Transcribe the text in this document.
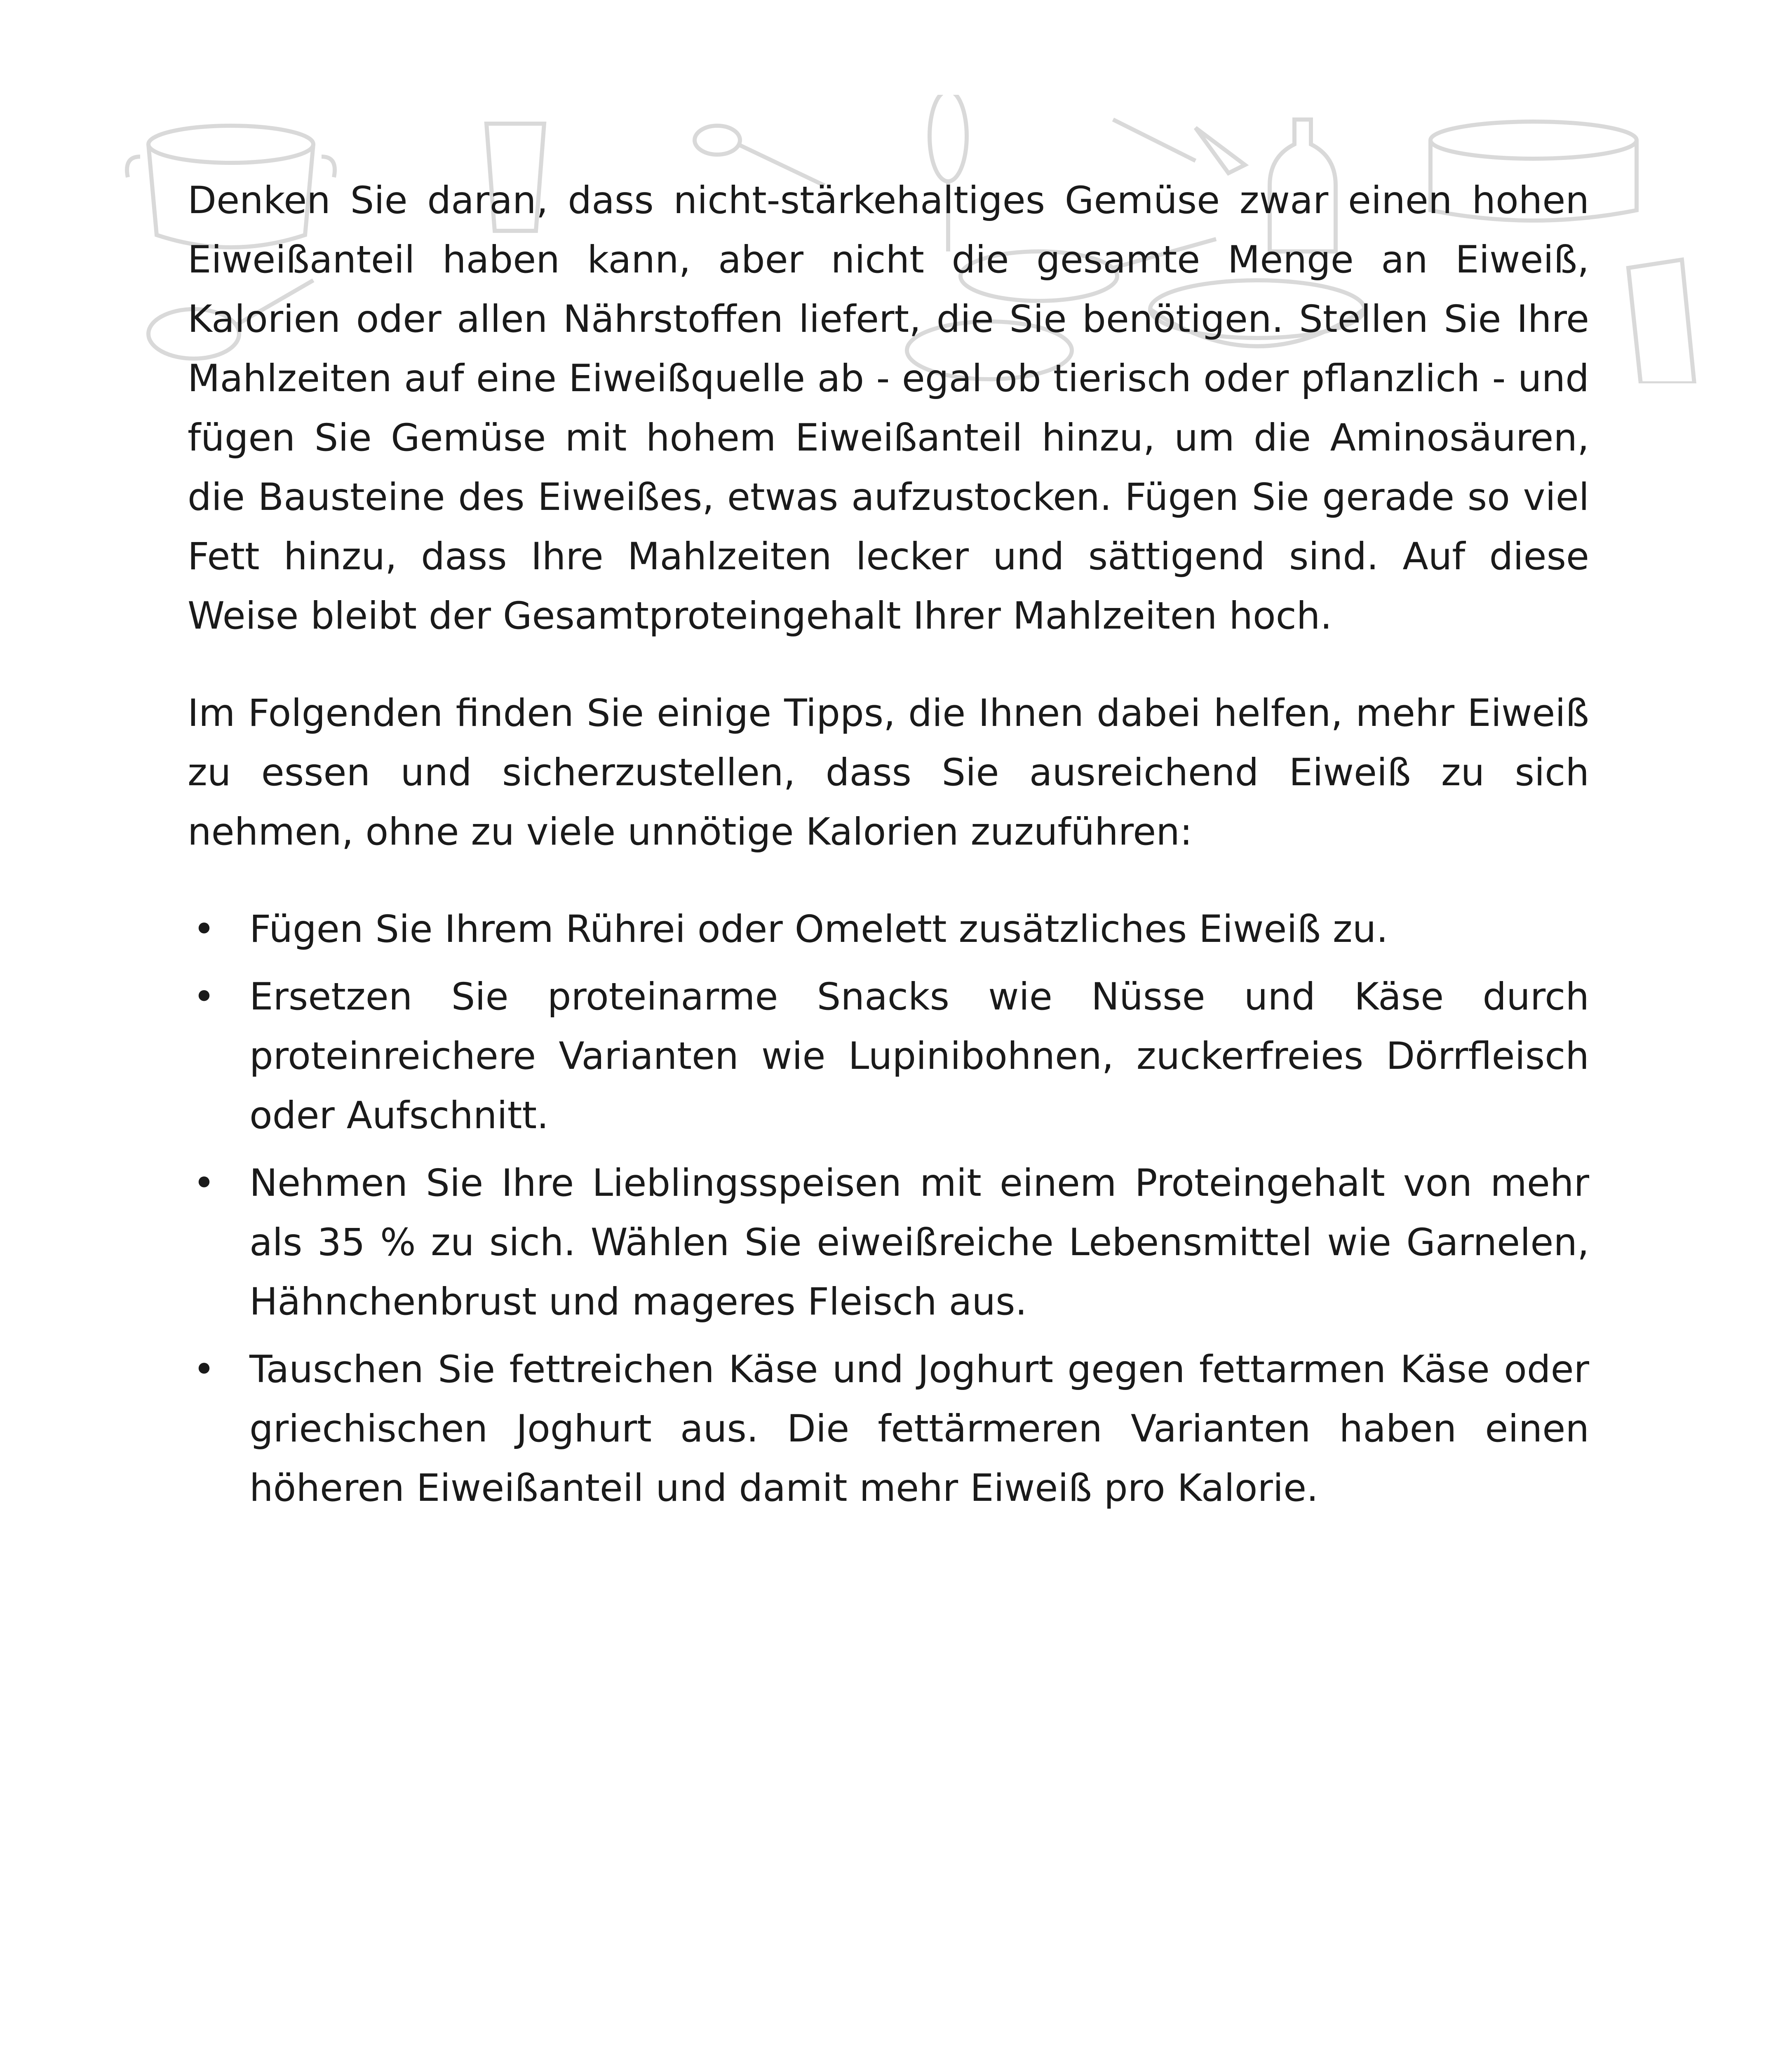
Denken Sie daran, dass nicht-stärkehaltiges Gemüse zwar einen hohen Eiweißanteil haben kann, aber nicht die gesamte Menge an Eiweiß, Kalorien oder allen Nährstoffen liefert, die Sie benötigen. Stellen Sie Ihre Mahlzeiten auf eine Eiweißquelle ab - egal ob tierisch oder pflanzlich - und fügen Sie Gemüse mit hohem Eiweißanteil hinzu, um die Aminosäuren, die Bausteine des Eiweißes, etwas aufzustocken. Fügen Sie gerade so viel Fett hinzu, dass Ihre Mahlzeiten lecker und sättigend sind. Auf diese Weise bleibt der Gesamtproteingehalt Ihrer Mahlzeiten hoch.

Im Folgenden finden Sie einige Tipps, die Ihnen dabei helfen, mehr Eiweiß zu essen und sicherzustellen, dass Sie ausreichend Eiweiß zu sich nehmen, ohne zu viele unnötige Kalorien zuzuführen:

• Fügen Sie Ihrem Rührei oder Omelett zusätzliches Eiweiß zu.
• Ersetzen Sie proteinarme Snacks wie Nüsse und Käse durch proteinreichere Varianten wie Lupinibohnen, zuckerfreies Dörrfleisch oder Aufschnitt.
• Nehmen Sie Ihre Lieblingsspeisen mit einem Proteingehalt von mehr als 35 % zu sich. Wählen Sie eiweißreiche Lebensmittel wie Garnelen, Hähnchenbrust und mageres Fleisch aus.
• Tauschen Sie fettreichen Käse und Joghurt gegen fettarmen Käse oder griechischen Joghurt aus. Die fettärmeren Varianten haben einen höheren Eiweißanteil und damit mehr Eiweiß pro Kalorie.
